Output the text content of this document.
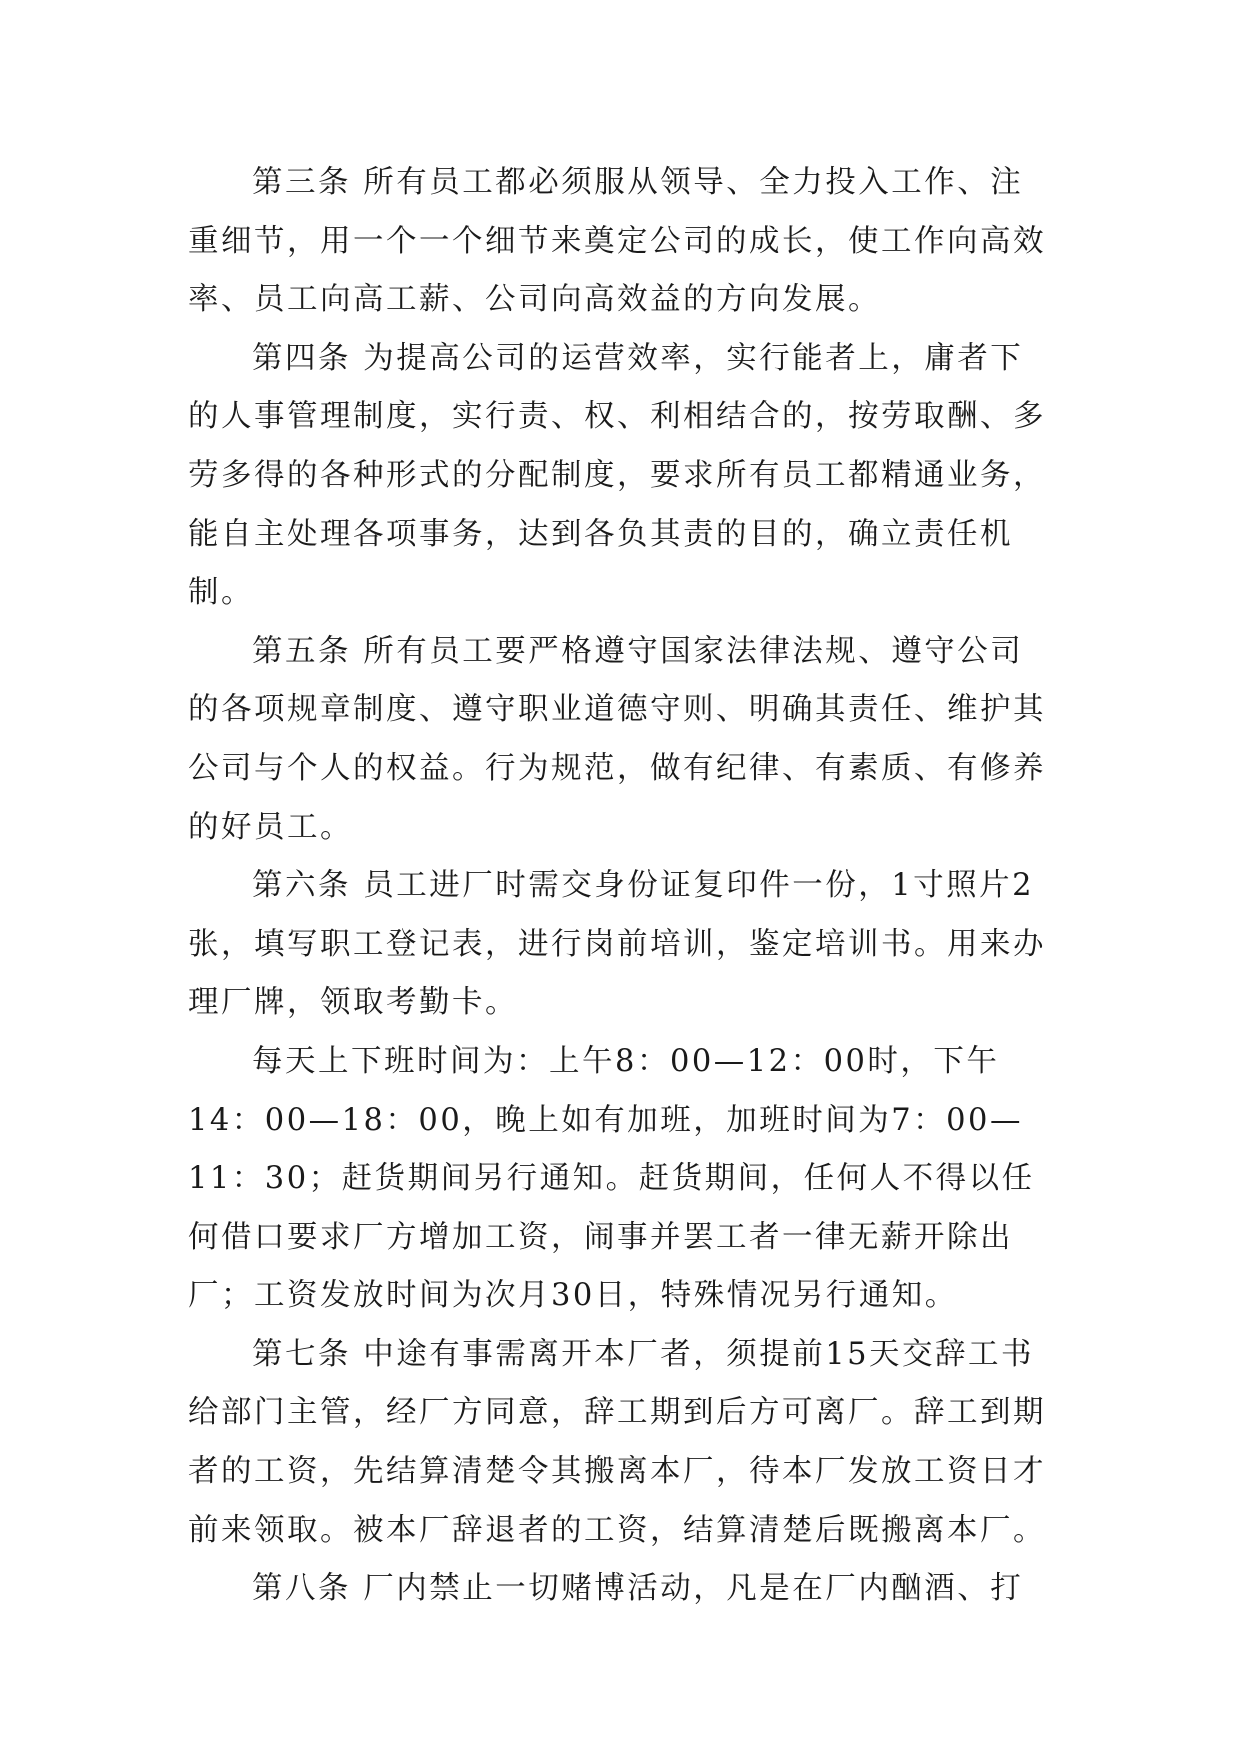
第三条 所有员工都必须服从领导、全力投入工作、注重细节，用一个一个细节来奠定公司的成长，使工作向高效率、员工向高工薪、公司向高效益的方向发展。

第四条 为提高公司的运营效率，实行能者上，庸者下的人事管理制度，实行责、权、利相结合的，按劳取酬、多劳多得的各种形式的分配制度，要求所有员工都精通业务，能自主处理各项事务，达到各负其责的目的，确立责任机制。

第五条 所有员工要严格遵守国家法律法规、遵守公司的各项规章制度、遵守职业道德守则、明确其责任、维护其公司与个人的权益。行为规范，做有纪律、有素质、有修养的好员工。

第六条 员工进厂时需交身份证复印件一份，1寸照片2张，填写职工登记表，进行岗前培训，鉴定培训书。用来办理厂牌，领取考勤卡。

每天上下班时间为：上午8：00—12：00时，下午14：00—18：00，晚上如有加班，加班时间为7：00—11：30；赶货期间另行通知。赶货期间，任何人不得以任何借口要求厂方增加工资，闹事并罢工者一律无薪开除出厂；工资发放时间为次月30日，特殊情况另行通知。

第七条 中途有事需离开本厂者，须提前15天交辞工书给部门主管，经厂方同意，辞工期到后方可离厂。辞工到期者的工资，先结算清楚令其搬离本厂，待本厂发放工资日才前来领取。被本厂辞退者的工资，结算清楚后既搬离本厂。

第八条 厂内禁止一切赌博活动，凡是在厂内酗酒、打
